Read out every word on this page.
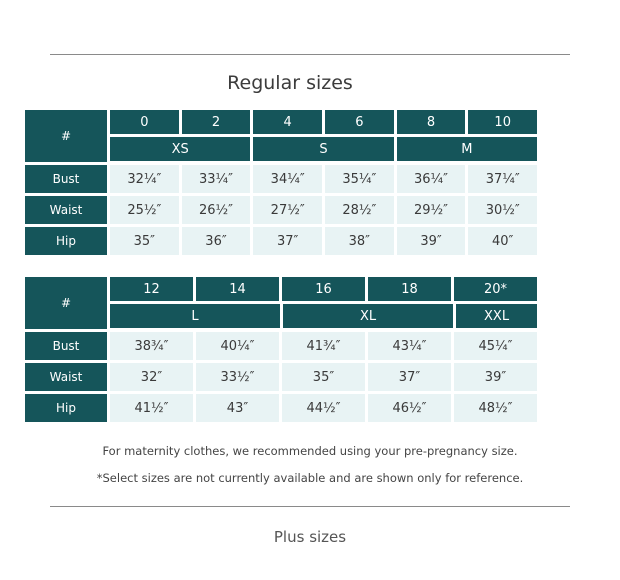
Regular sizes
#
0	2	4	6	8	10
XS	S	M
Bust	32¼″	33¼″	34¼″	35¼″	36¼″	37¼″
Waist	25½″	26½″	27½″	28½″	29½″	30½″
Hip	35″	36″	37″	38″	39″	40″
#
12	14	16	18	20*
L	XL	XXL
Bust	38¾″	40¼″	41¾″	43¼″	45¼″
Waist	32″	33½″	35″	37″	39″
Hip	41½″	43″	44½″	46½″	48½″

For maternity clothes, we recommended using your pre-pregnancy size.

*Select sizes are not currently available and are shown only for reference.

Plus sizes
